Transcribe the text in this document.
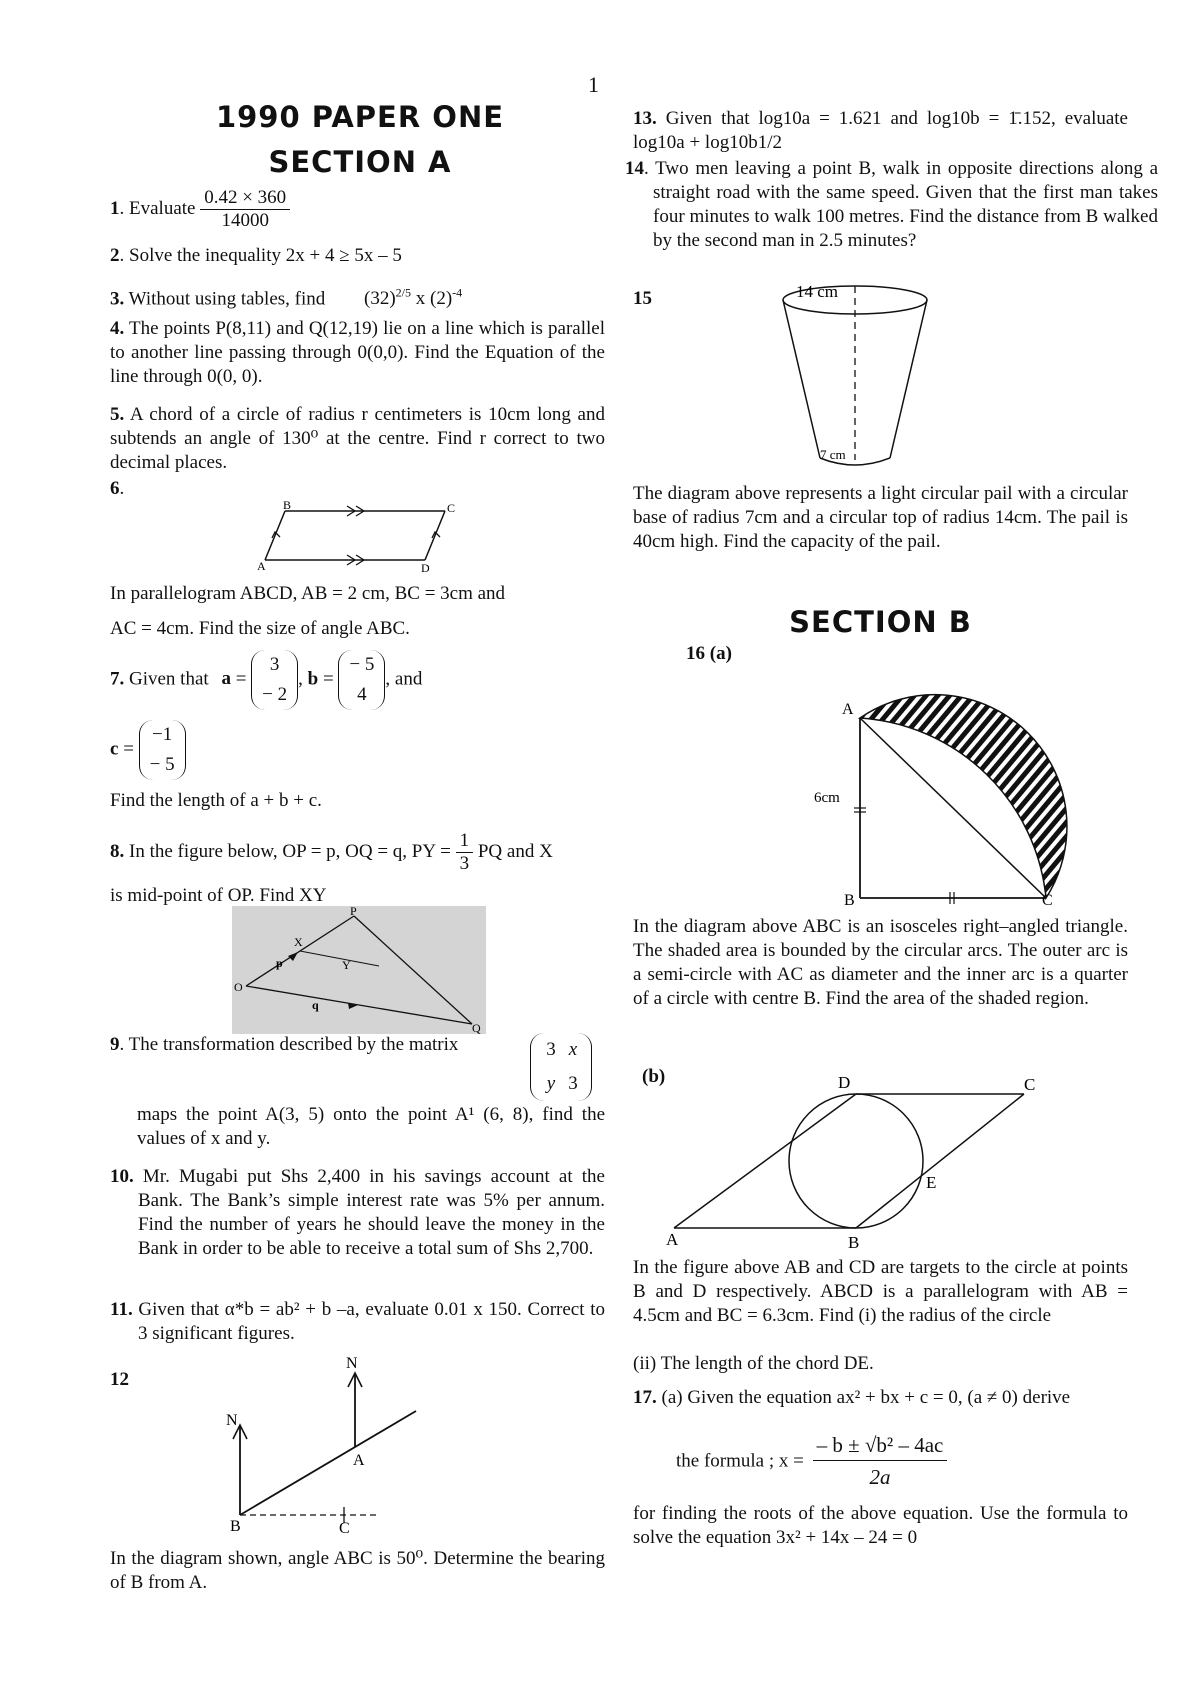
1
1990 PAPER ONE
SECTION A
1. Evaluate $\frac{0.42 \times 360}{14000}$
2. Solve the inequality 2x + 4 ≥ 5x – 5
3. Without using tables, find $(32)^{2/5}$ x $(2)^{-4}$
4. The points P(8,11) and Q(12,19) lie on a line which is parallel to another line passing through 0(0,0). Find the Equation of the line through 0(0, 0).
5. A chord of a circle of radius r centimeters is 10cm long and subtends an angle of 130⁰ at the centre. Find r correct to two decimal places.
6.
B	C
A	D
In parallelogram ABCD, AB = 2 cm, BC = 3cm and
AC = 4cm. Find the size of angle ABC.
7. Given that a = 3
− 2, b = − 5
4, and
c = −1
− 5
Find the length of a + b + c.
8. In the figure below, OP = p, OQ = q, PY = $\frac{1}{3}$ PQ and X
is mid-point of OP. Find XY
P
X
Y
O
Q
p
q
9. The transformation described by the matrix	3 x
y 3
maps the point A(3, 5) onto the point A¹ (6, 8), find the values of x and y.
10. Mr. Mugabi put Shs 2,400 in his savings account at the Bank. The Bank’s simple interest rate was 5% per annum. Find the number of years he should leave the money in the Bank in order to be able to receive a total sum of Shs 2,700.
11. Given that α*b = ab² + b –a, evaluate 0.01 x 150. Correct to 3 significant figures.
12
N
N
A
B	C
In the diagram shown, angle ABC is 50⁰. Determine the bearing of B from A.
13. Given that log10a = 1.621 and log10b = 1̄.152, evaluate log10a + log10b1/2
14. Two men leaving a point B, walk in opposite directions along a straight road with the same speed. Given that the first man takes four minutes to walk 100 metres. Find the distance from B walked by the second man in 2.5 minutes?
15	14 cm
7 cm
The diagram above represents a light circular pail with a circular base of radius 7cm and a circular top of radius 14cm. The pail is 40cm high. Find the capacity of the pail.
SECTION B
16 (a)
A
B	C
6cm
In the diagram above ABC is an isosceles right–angled triangle. The shaded area is bounded by the circular arcs. The outer arc is a semi-circle with AC as diameter and the inner arc is a quarter of a circle with centre B. Find the area of the shaded region.
(b)
A	B
C
D
E
In the figure above AB and CD are targets to the circle at points B and D respectively. ABCD is a parallelogram with AB = 4.5cm and BC = 6.3cm. Find (i) the radius of the circle
(ii) The length of the chord DE.
17. (a) Given the equation ax² + bx + c = 0, (a ≠ 0) derive
the formula ; $x = \frac{\text{– b ± √b² – 4ac}}{2a}$
for finding the roots of the above equation. Use the formula to solve the equation 3x² + 14x – 24 = 0
